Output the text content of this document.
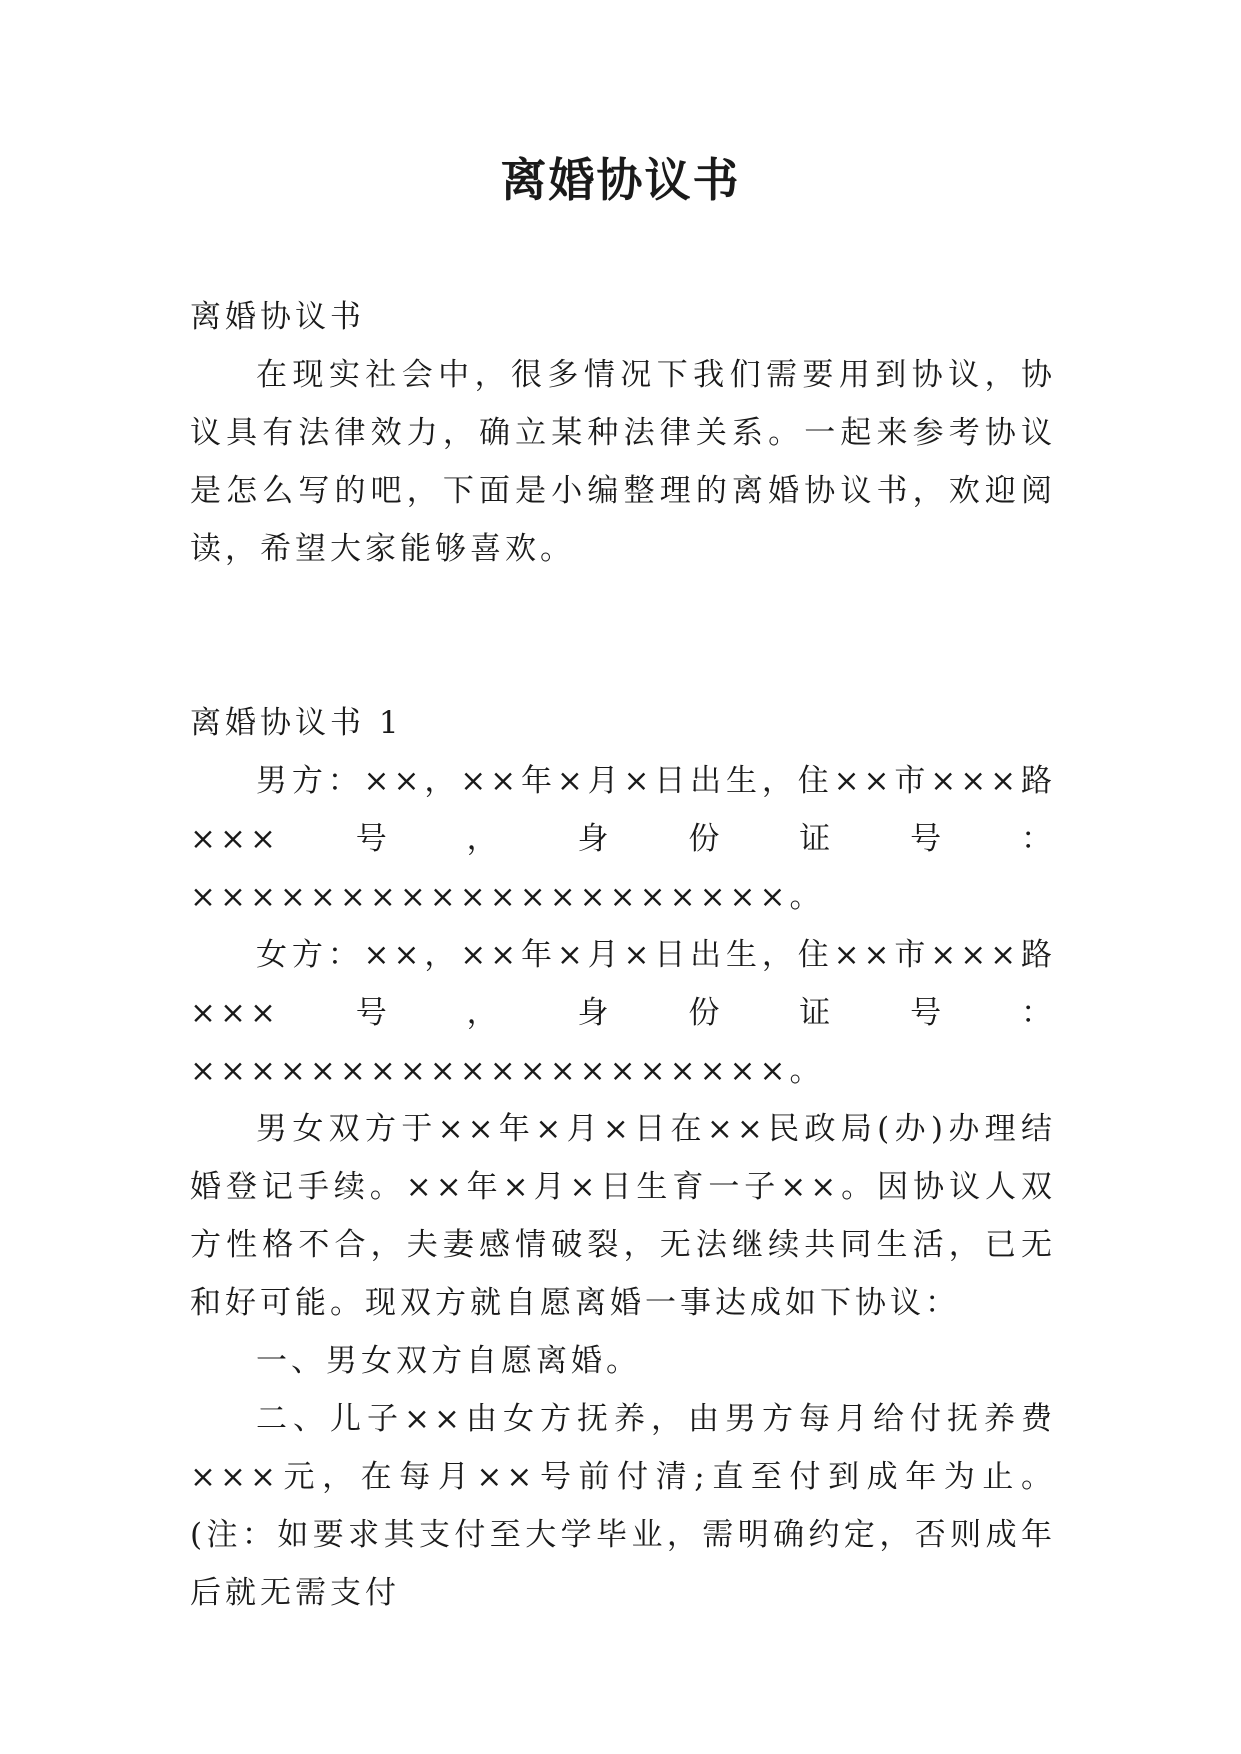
离婚协议书

离婚协议书

在现实社会中，很多情况下我们需要用到协议，协议具有法律效力，确立某种法律关系。一起来参考协议是怎么写的吧，下面是小编整理的离婚协议书，欢迎阅读，希望大家能够喜欢。

离婚协议书 1

男方：××，××年×月×日出生，住××市×××路×××号，身份证号：××××××××××××××××××××。

女方：××，××年×月×日出生，住××市×××路×××号，身份证号：××××××××××××××××××××。

男女双方于××年×月×日在××民政局(办)办理结婚登记手续。××年×月×日生育一子××。因协议人双方性格不合，夫妻感情破裂，无法继续共同生活，已无和好可能。现双方就自愿离婚一事达成如下协议：

一、男女双方自愿离婚。

二、儿子××由女方抚养，由男方每月给付抚养费×××元，在每月××号前付清;直至付到成年为止。(注：如要求其支付至大学毕业，需明确约定，否则成年后就无需支付
